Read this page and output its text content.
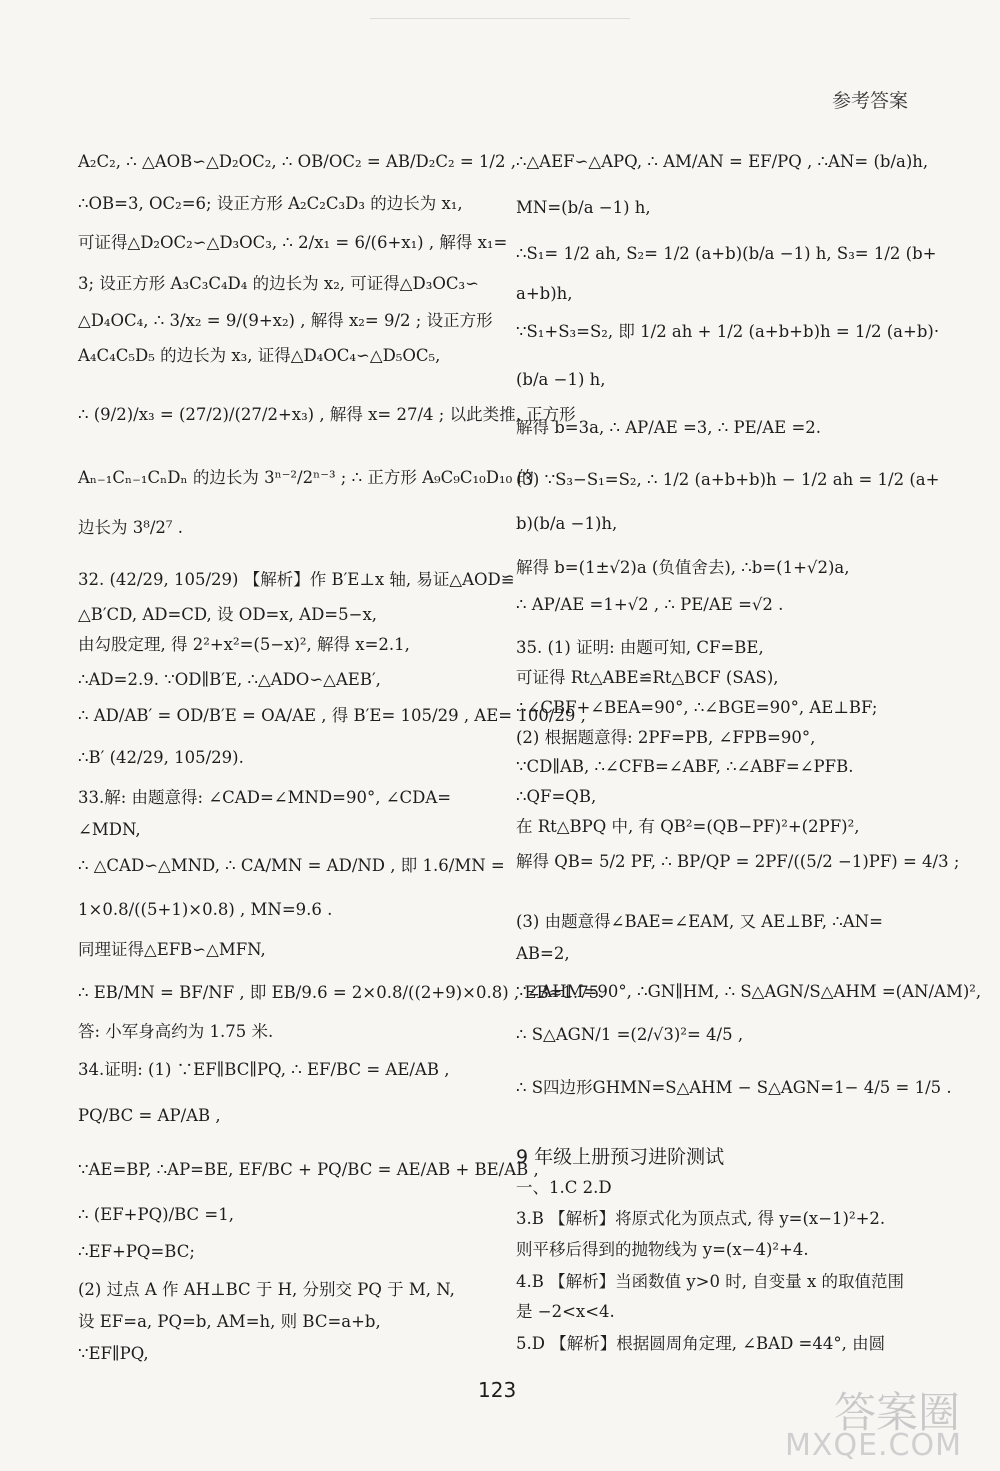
参考答案
A₂C₂, ∴ △AOB∽△D₂OC₂, ∴ OB/OC₂ = AB/D₂C₂ = 1/2 ,
∴OB=3, OC₂=6; 设正方形 A₂C₂C₃D₃ 的边长为 x₁,
可证得△D₂OC₂∽△D₃OC₃, ∴ 2/x₁ = 6/(6+x₁) , 解得 x₁=
3; 设正方形 A₃C₃C₄D₄ 的边长为 x₂, 可证得△D₃OC₃∽
△D₄OC₄, ∴ 3/x₂ = 9/(9+x₂) , 解得 x₂= 9/2 ; 设正方形
A₄C₄C₅D₅ 的边长为 x₃, 证得△D₄OC₄∽△D₅OC₅,
∴ (9/2)/x₃ = (27/2)/(27/2+x₃) , 解得 x= 27/4 ; 以此类推, 正方形
Aₙ₋₁Cₙ₋₁CₙDₙ 的边长为 3ⁿ⁻²/2ⁿ⁻³ ; ∴ 正方形 A₉C₉C₁₀D₁₀ 的
边长为 3⁸/2⁷ .
32. (42/29, 105/29) 【解析】作 B′E⊥x 轴, 易证△AOD≌
△B′CD, AD=CD, 设 OD=x, AD=5−x,
由勾股定理, 得 2²+x²=(5−x)², 解得 x=2.1,
∴AD=2.9. ∵OD∥B′E, ∴△ADO∽△AEB′,
∴ AD/AB′ = OD/B′E = OA/AE , 得 B′E= 105/29 , AE= 100/29 ,
∴B′ (42/29, 105/29).
33.解: 由题意得: ∠CAD=∠MND=90°, ∠CDA=
∠MDN,
∴ △CAD∽△MND, ∴ CA/MN = AD/ND , 即 1.6/MN =
1×0.8/((5+1)×0.8) , MN=9.6 .
同理证得△EFB∽△MFN,
∴ EB/MN = BF/NF , 即 EB/9.6 = 2×0.8/((2+9)×0.8) , EB≈1.75.
答: 小军身高约为 1.75 米.
34.证明: (1) ∵EF∥BC∥PQ, ∴ EF/BC = AE/AB ,
PQ/BC = AP/AB ,
∵AE=BP, ∴AP=BE, EF/BC + PQ/BC = AE/AB + BE/AB ,
∴ (EF+PQ)/BC =1,
∴EF+PQ=BC;
(2) 过点 A 作 AH⊥BC 于 H, 分别交 PQ 于 M, N,
设 EF=a, PQ=b, AM=h, 则 BC=a+b,
∵EF∥PQ,
∴△AEF∽△APQ, ∴ AM/AN = EF/PQ , ∴AN= (b/a)h,
MN=(b/a −1) h,
∴S₁= 1/2 ah, S₂= 1/2 (a+b)(b/a −1) h, S₃= 1/2 (b+
a+b)h,
∵S₁+S₃=S₂, 即 1/2 ah + 1/2 (a+b+b)h = 1/2 (a+b)·
(b/a −1) h,
解得 b=3a, ∴ AP/AE =3, ∴ PE/AE =2.
(3) ∵S₃−S₁=S₂, ∴ 1/2 (a+b+b)h − 1/2 ah = 1/2 (a+
b)(b/a −1)h,
解得 b=(1±√2)a (负值舍去), ∴b=(1+√2)a,
∴ AP/AE =1+√2 , ∴ PE/AE =√2 .
35. (1) 证明: 由题可知, CF=BE,
可证得 Rt△ABE≌Rt△BCF (SAS),
∴∠CBF+∠BEA=90°, ∴∠BGE=90°, AE⊥BF;
(2) 根据题意得: 2PF=PB, ∠FPB=90°,
∵CD∥AB, ∴∠CFB=∠ABF, ∴∠ABF=∠PFB.
∴QF=QB,
在 Rt△BPQ 中, 有 QB²=(QB−PF)²+(2PF)²,
解得 QB= 5/2 PF, ∴ BP/QP = 2PF/((5/2 −1)PF) = 4/3 ;
(3) 由题意得∠BAE=∠EAM, 又 AE⊥BF, ∴AN=
AB=2,
∵∠AHM=90°, ∴GN∥HM, ∴ S△AGN/S△AHM =(AN/AM)²,
∴ S△AGN/1 =(2/√3)²= 4/5 ,
∴ S四边形GHMN=S△AHM − S△AGN=1− 4/5 = 1/5 .
9 年级上册预习进阶测试
一、1.C 2.D
3.B 【解析】将原式化为顶点式, 得 y=(x−1)²+2.
则平移后得到的抛物线为 y=(x−4)²+4.
4.B 【解析】当函数值 y>0 时, 自变量 x 的取值范围
是 −2<x<4.
5.D 【解析】根据圆周角定理, ∠BAD =44°, 由圆
123	答案圈
MXQE.COM
